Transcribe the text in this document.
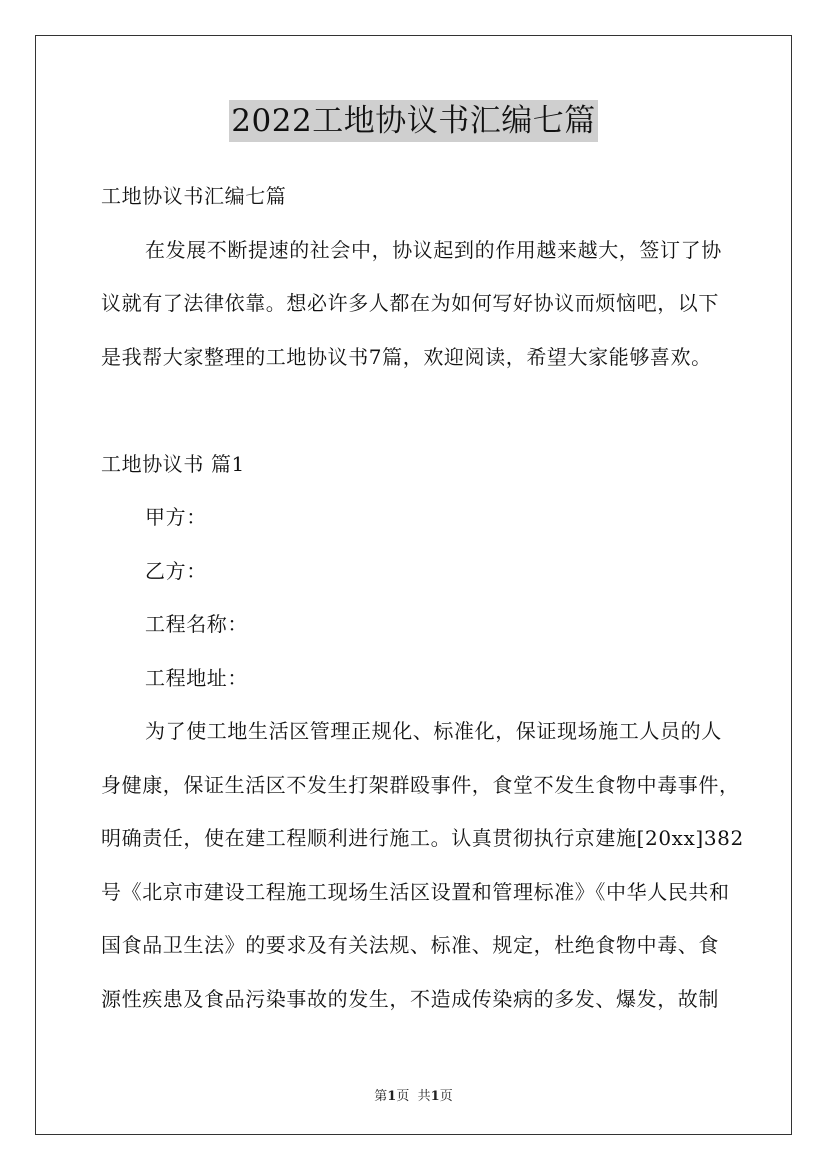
2022工地协议书汇编七篇
工地协议书汇编七篇
在发展不断提速的社会中，协议起到的作用越来越大，签订了协
议就有了法律依靠。想必许多人都在为如何写好协议而烦恼吧，以下
是我帮大家整理的工地协议书7篇，欢迎阅读，希望大家能够喜欢。
工地协议书 篇1
甲方：
乙方：
工程名称：
工程地址：
为了使工地生活区管理正规化、标准化，保证现场施工人员的人
身健康，保证生活区不发生打架群殴事件，食堂不发生食物中毒事件，
明确责任，使在建工程顺利进行施工。认真贯彻执行京建施[20xx]382
号《北京市建设工程施工现场生活区设置和管理标准》《中华人民共和
国食品卫生法》的要求及有关法规、标准、规定，杜绝食物中毒、食
源性疾患及食品污染事故的发生，不造成传染病的多发、爆发，故制
第1页 共1页
